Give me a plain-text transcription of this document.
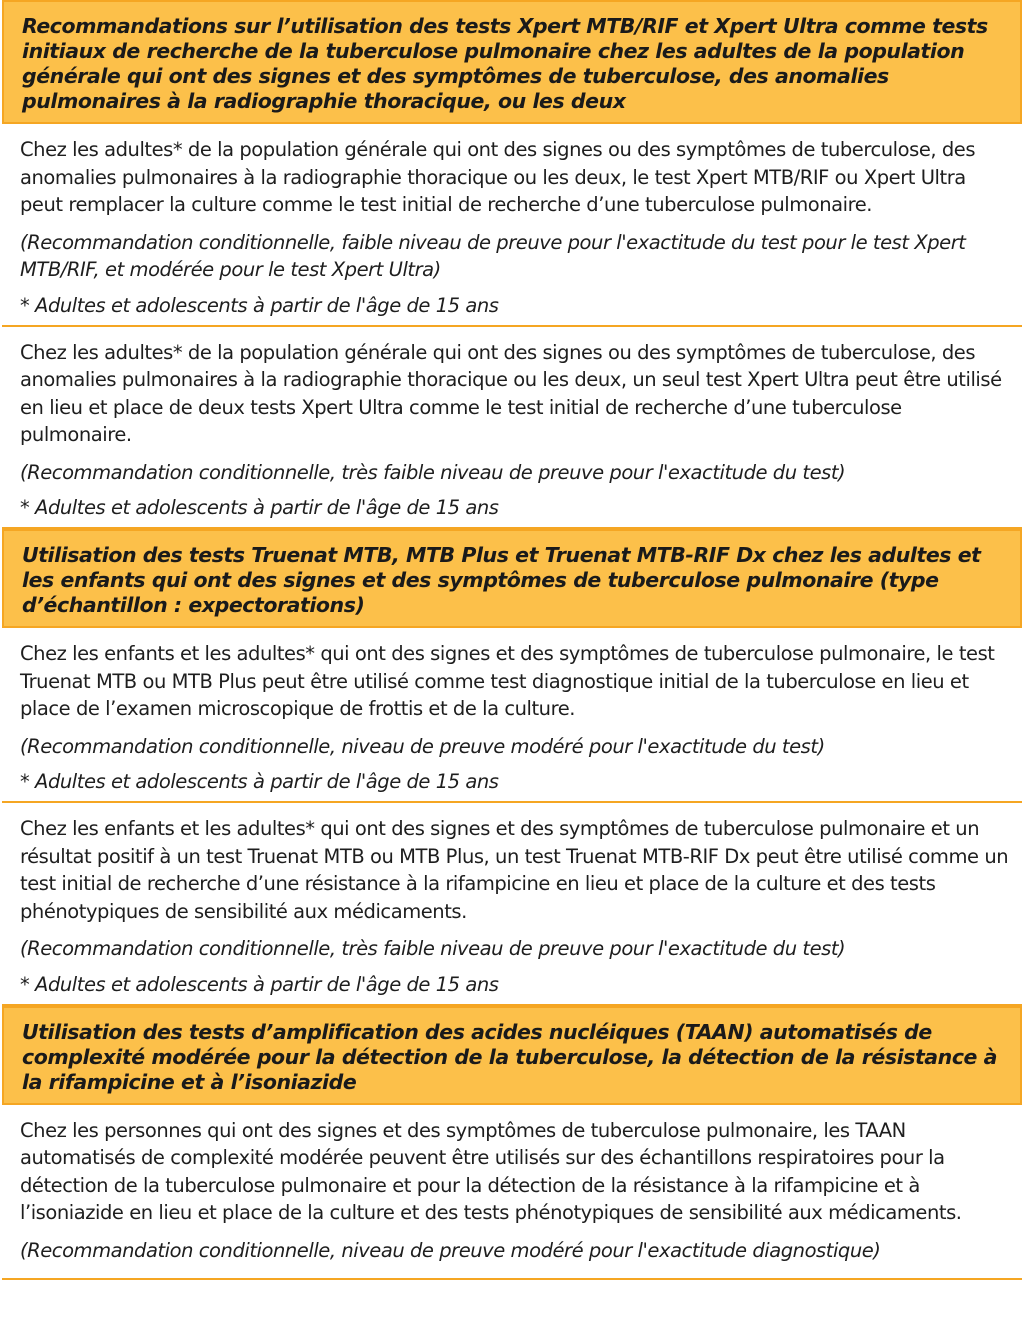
Recommandations sur l’utilisation des tests Xpert MTB/RIF et Xpert Ultra comme tests initiaux de recherche de la tuberculose pulmonaire chez les adultes de la population générale qui ont des signes et des symptômes de tuberculose, des anomalies pulmonaires à la radiographie thoracique, ou les deux

Chez les adultes* de la population générale qui ont des signes ou des symptômes de tuberculose, des anomalies pulmonaires à la radiographie thoracique ou les deux, le test Xpert MTB/RIF ou Xpert Ultra peut remplacer la culture comme le test initial de recherche d’une tuberculose pulmonaire.

(Recommandation conditionnelle, faible niveau de preuve pour l'exactitude du test pour le test Xpert MTB/RIF, et modérée pour le test Xpert Ultra)

* Adultes et adolescents à partir de l'âge de 15 ans

Chez les adultes* de la population générale qui ont des signes ou des symptômes de tuberculose, des anomalies pulmonaires à la radiographie thoracique ou les deux, un seul test Xpert Ultra peut être utilisé en lieu et place de deux tests Xpert Ultra comme le test initial de recherche d’une tuberculose pulmonaire.

(Recommandation conditionnelle, très faible niveau de preuve pour l'exactitude du test)

* Adultes et adolescents à partir de l'âge de 15 ans

Utilisation des tests Truenat MTB, MTB Plus et Truenat MTB-RIF Dx chez les adultes et les enfants qui ont des signes et des symptômes de tuberculose pulmonaire (type d’échantillon : expectorations)

Chez les enfants et les adultes* qui ont des signes et des symptômes de tuberculose pulmonaire, le test Truenat MTB ou MTB Plus peut être utilisé comme test diagnostique initial de la tuberculose en lieu et place de l’examen microscopique de frottis et de la culture.

(Recommandation conditionnelle, niveau de preuve modéré pour l'exactitude du test)

* Adultes et adolescents à partir de l'âge de 15 ans

Chez les enfants et les adultes* qui ont des signes et des symptômes de tuberculose pulmonaire et un résultat positif à un test Truenat MTB ou MTB Plus, un test Truenat MTB-RIF Dx peut être utilisé comme un test initial de recherche d’une résistance à la rifampicine en lieu et place de la culture et des tests phénotypiques de sensibilité aux médicaments.

(Recommandation conditionnelle, très faible niveau de preuve pour l'exactitude du test)

* Adultes et adolescents à partir de l'âge de 15 ans

Utilisation des tests d’amplification des acides nucléiques (TAAN) automatisés de complexité modérée pour la détection de la tuberculose, la détection de la résistance à la rifampicine et à l’isoniazide

Chez les personnes qui ont des signes et des symptômes de tuberculose pulmonaire, les TAAN automatisés de complexité modérée peuvent être utilisés sur des échantillons respiratoires pour la détection de la tuberculose pulmonaire et pour la détection de la résistance à la rifampicine et à l’isoniazide en lieu et place de la culture et des tests phénotypiques de sensibilité aux médicaments.

(Recommandation conditionnelle, niveau de preuve modéré pour l'exactitude diagnostique)
